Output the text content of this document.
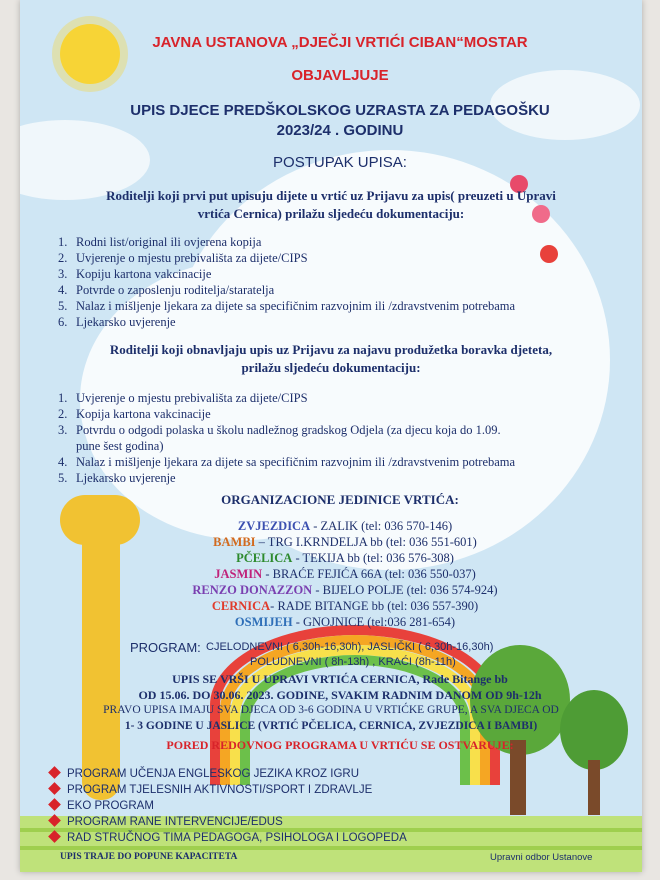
JAVNA USTANOVA „DJEČJI VRTIĆI CIBAN“MOSTAR
OBJAVLJUJE
UPIS DJECE PREDŠKOLSKOG UZRASTA ZA PEDAGOŠKU
2023/24 . GODINU
POSTUPAK UPISA:
Roditelji koji prvi put upisuju dijete u vrtić uz Prijavu za upis( preuzeti u Upravi
vrtića Cernica) prilažu sljedeću dokumentaciju:
1. Rodni list/original ili ovjerena kopija
2. Uvjerenje o mjestu prebivališta za dijete/CIPS
3. Kopiju kartona vakcinacije
4. Potvrde o zaposlenju roditelja/staratelja
5. Nalaz i mišljenje ljekara za dijete sa specifičnim razvojnim ili /zdravstvenim potrebama
6. Ljekarsko uvjerenje
Roditelji koji obnavljaju upis uz Prijavu za najavu produžetka boravka djeteta,
prilažu sljedeću dokumentaciju:
1. Uvjerenje o mjestu prebivališta za dijete/CIPS
2. Kopija kartona vakcinacije
3. Potvrdu o odgodi polaska u školu nadležnog gradskog Odjela (za djecu koja do 1.09.
pune šest godina)
4. Nalaz i mišljenje ljekara za dijete sa specifičnim razvojnim ili /zdravstvenim potrebama
5. Ljekarsko uvjerenje
ORGANIZACIONE JEDINICE VRTIĆA:
ZVJEZDICA - ZALIK (tel: 036 570-146)
BAMBI – TRG I.KRNDELJA bb (tel: 036 551-601)
PČELICA - TEKIJA bb (tel: 036 576-308)
JASMIN - BRAĆE FEJIĆA 66A (tel: 036 550-037)
RENZO DONAZZON - BIJELO POLJE (tel: 036 574-924)
CERNICA- RADE BITANGE bb (tel: 036 557-390)
OSMIJEH - GNOJNICE (tel:036 281-654)
PROGRAM: CJELODNEVNI ( 6,30h-16,30h), JASLIČKI ( 6,30h-16,30h)
POLUDNEVNI ( 8h-13h) , KRAĆI (8h-11h)
UPIS SE VRŠI U UPRAVI VRTIĆA CERNICA, Rade Bitange bb
OD 15.06. DO 30.06. 2023. GODINE, SVAKIM RADNIM DANOM OD 9h-12h
PRAVO UPISA IMAJU SVA DJECA OD 3-6 GODINA U VRTIĆKE GRUPE, A SVA DJECA OD
1- 3 GODINE U JASLICE (VRTIĆ PČELICA, CERNICA, ZVJEZDICA I BAMBI)
PORED REDOVNOG PROGRAMA U VRTIĆU SE OSTVARUJE:
PROGRAM UČENJA ENGLESKOG JEZIKA KROZ IGRU
PROGRAM TJELESNIH AKTIVNOSTI/SPORT I ZDRAVLJE
EKO PROGRAM
PROGRAM RANE INTERVENCIJE/EDUS
RAD STRUČNOG TIMA PEDAGOGA, PSIHOLOGA I LOGOPEDA
UPIS TRAJE DO POPUNE KAPACITETA	Upravni odbor Ustanove
